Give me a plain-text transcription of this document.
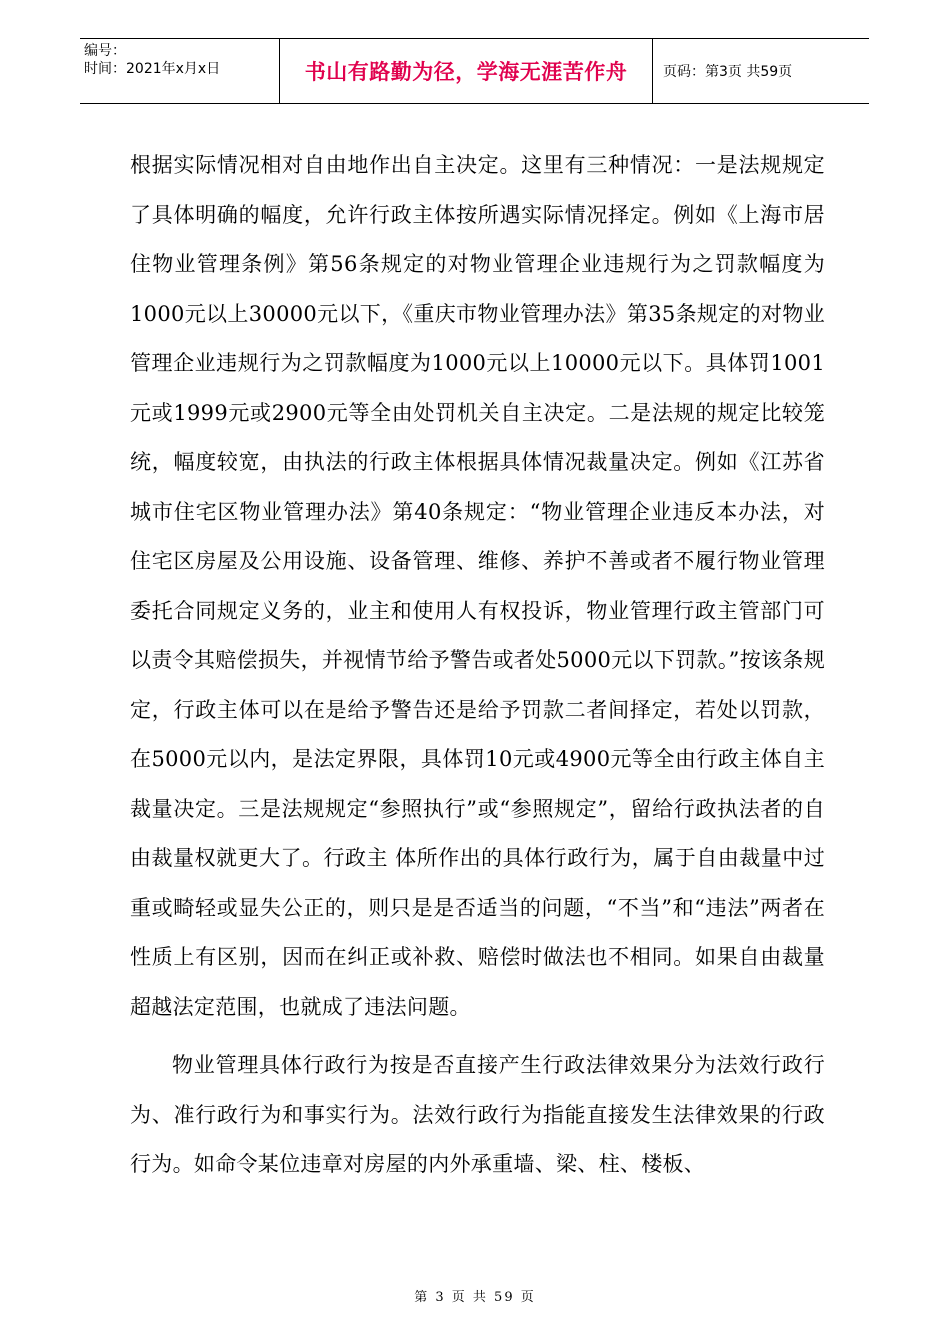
编号：
时间：2021年x月x日	书山有路勤为径，学海无涯苦作舟	页码：第3页 共59页

根据实际情况相对自由地作出自主决定。这里有三种情况：一是法规规定了具体明确的幅度，允许行政主体按所遇实际情况择定。例如《上海市居住物业管理条例》第56条规定的对物业管理企业违规行为之罚款幅度为1000元以上30000元以下，《重庆市物业管理办法》第35条规定的对物业管理企业违规行为之罚款幅度为1000元以上10000元以下。具体罚1001元或1999元或2900元等全由处罚机关自主决定。二是法规的规定比较笼统，幅度较宽，由执法的行政主体根据具体情况裁量决定。例如《江苏省城市住宅区物业管理办法》第40条规定：“物业管理企业违反本办法，对住宅区房屋及公用设施、设备管理、维修、养护不善或者不履行物业管理委托合同规定义务的，业主和使用人有权投诉，物业管理行政主管部门可以责令其赔偿损失，并视情节给予警告或者处5000元以下罚款。”按该条规定，行政主体可以在是给予警告还是给予罚款二者间择定，若处以罚款，在5000元以内，是法定界限，具体罚10元或4900元等全由行政主体自主裁量决定。三是法规规定“参照执行”或“参照规定”，留给行政执法者的自由裁量权就更大了。行政主 体所作出的具体行政行为，属于自由裁量中过重或畸轻或显失公正的，则只是是否适当的问题，“不当”和“违法”两者在性质上有区别，因而在纠正或补救、赔偿时做法也不相同。如果自由裁量超越法定范围，也就成了违法问题。

物业管理具体行政行为按是否直接产生行政法律效果分为法效行政行为、准行政行为和事实行为。法效行政行为指能直接发生法律效果的行政行为。如命令某位违章对房屋的内外承重墙、梁、柱、楼板、

第 3 页 共 59 页
